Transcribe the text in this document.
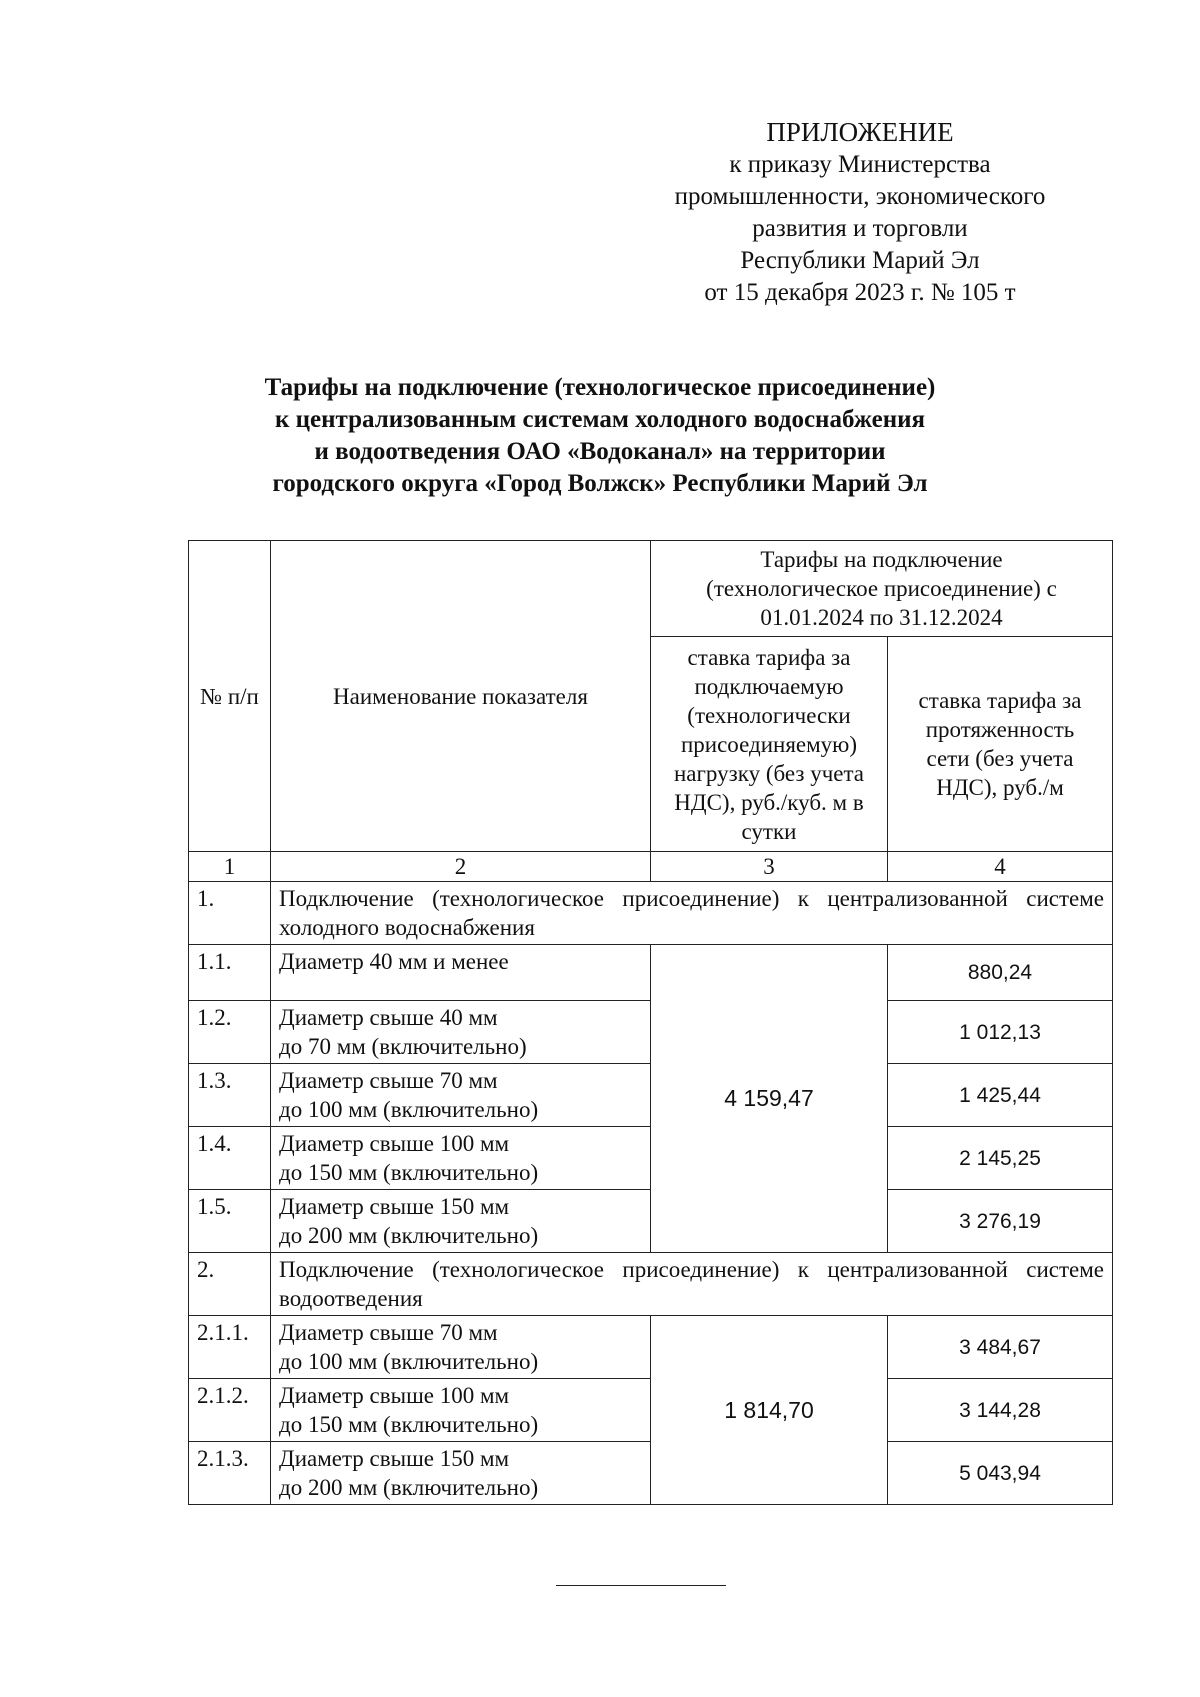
ПРИЛОЖЕНИЕ
к приказу Министерства
промышленности, экономического
развития и торговли
Республики Марий Эл
от 15 декабря 2023 г. № 105 т
Тарифы на подключение (технологическое присоединение)
к централизованным системам холодного водоснабжения
и водоотведения ОАО «Водоканал» на территории
городского округа «Город Волжск» Республики Марий Эл
№ п/п	Наименование показателя	Тарифы на подключение (технологическое присоединение) с 01.01.2024 по 31.12.2024	
		ставка тарифа за подключаемую (технологически присоединяемую) нагрузку (без учета НДС), руб./куб. м в сутки	ставка тарифа за протяженность сети (без учета НДС), руб./м
1	2	3	4
1.	Подключение (технологическое присоединение) к централизованной системе холодного водоснабжения		
1.1.	Диаметр 40 мм и менее	4 159,47	880,24
1.2.	Диаметр свыше 40 мм
до 70 мм (включительно)		1 012,13
1.3.	Диаметр свыше 70 мм
до 100 мм (включительно)		1 425,44
1.4.	Диаметр свыше 100 мм
до 150 мм (включительно)		2 145,25
1.5.	Диаметр свыше 150 мм
до 200 мм (включительно)		3 276,19
2.	Подключение (технологическое присоединение) к централизованной системе водоотведения		
2.1.1.	Диаметр свыше 70 мм
до 100 мм (включительно)	1 814,70	3 484,67
2.1.2.	Диаметр свыше 100 мм
до 150 мм (включительно)		3 144,28
2.1.3.	Диаметр свыше 150 мм
до 200 мм (включительно)		5 043,94
